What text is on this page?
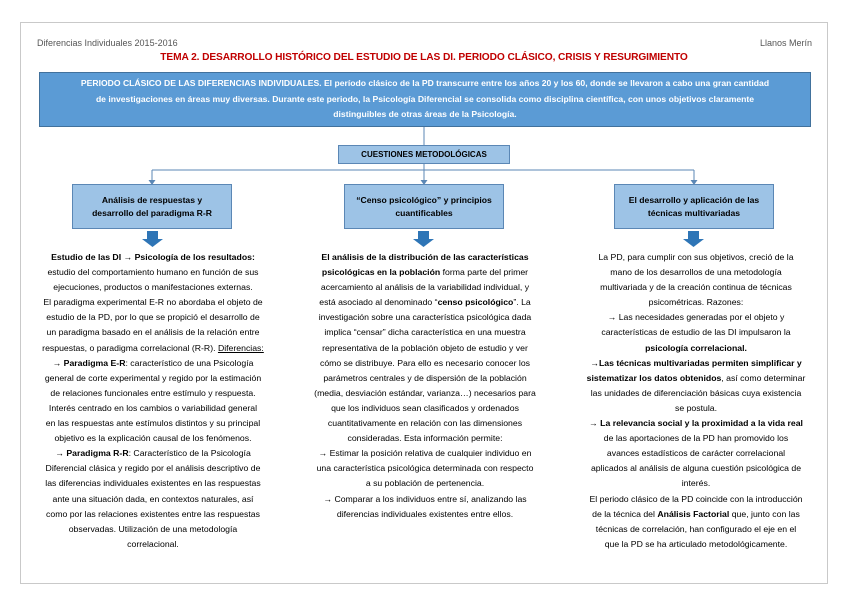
Diferencias Individuales 2015-2016	Llanos Merín
TEMA 2. DESARROLLO HISTÓRICO DEL ESTUDIO DE LAS DI. PERIODO CLÁSICO, CRISIS Y RESURGIMIENTO
PERIODO CLÁSICO DE LAS DIFERENCIAS INDIVIDUALES. El período clásico de la PD transcurre entre los años 20 y los 60, donde se llevaron a cabo una gran cantidad
de investigaciones en áreas muy diversas. Durante este periodo, la Psicología Diferencial se consolida como disciplina científica, con unos objetivos claramente
distinguibles de otras áreas de la Psicología.
CUESTIONES METODOLÓGICAS
Análisis de respuestas y
desarrollo del paradigma R-R
“Censo psicológico” y principios
cuantificables
El desarrollo y aplicación de las
técnicas multivariadas

Estudio de las DI → Psicología de los resultados:

estudio del comportamiento humano en función de sus

ejecuciones, productos o manifestaciones externas.

El paradigma experimental E-R no abordaba el objeto de

estudio de la PD, por lo que se propició el desarrollo de

un paradigma basado en el análisis de la relación entre

respuestas, o paradigma correlacional (R-R). Diferencias:

→ Paradigma E-R: característico de una Psicología

general de corte experimental y regido por la estimación

de relaciones funcionales entre estímulo y respuesta.

Interés centrado en los cambios o variabilidad general

en las respuestas ante estímulos distintos y su principal

objetivo es la explicación causal de los fenómenos.

→ Paradigma R-R: Característico de la Psicología

Diferencial clásica y regido por el análisis descriptivo de

las diferencias individuales existentes en las respuestas

ante una situación dada, en contextos naturales, así

como por las relaciones existentes entre las respuestas

observadas. Utilización de una metodología

correlacional.

El análisis de la distribución de las características

psicológicas en la población forma parte del primer

acercamiento al análisis de la variabilidad individual, y

está asociado al denominado “censo psicológico”. La

investigación sobre una característica psicológica dada

implica “censar” dicha característica en una muestra

representativa de la población objeto de estudio y ver

cómo se distribuye. Para ello es necesario conocer los

parámetros centrales y de dispersión de la población

(media, desviación estándar, varianza…) necesarios para

que los individuos sean clasificados y ordenados

cuantitativamente en relación con las dimensiones

consideradas. Esta información permite:

→ Estimar la posición relativa de cualquier individuo en

una característica psicológica determinada con respecto

a su población de pertenencia.

→ Comparar a los individuos entre sí, analizando las

diferencias individuales existentes entre ellos.

La PD, para cumplir con sus objetivos, creció de la

mano de los desarrollos de una metodología

multivariada y de la creación continua de técnicas

psicométricas. Razones:

→ Las necesidades generadas por el objeto y

características de estudio de las DI impulsaron la

psicología correlacional.

→Las técnicas multivariadas permiten simplificar y

sistematizar los datos obtenidos, así como determinar

las unidades de diferenciación básicas cuya existencia

se postula.

→ La relevancia social y la proximidad a la vida real

de las aportaciones de la PD han promovido los

avances estadísticos de carácter correlacional

aplicados al análisis de alguna cuestión psicológica de

interés.

El periodo clásico de la PD coincide con la introducción

de la técnica del Análisis Factorial que, junto con las

técnicas de correlación, han configurado el eje en el

que la PD se ha articulado metodológicamente.
